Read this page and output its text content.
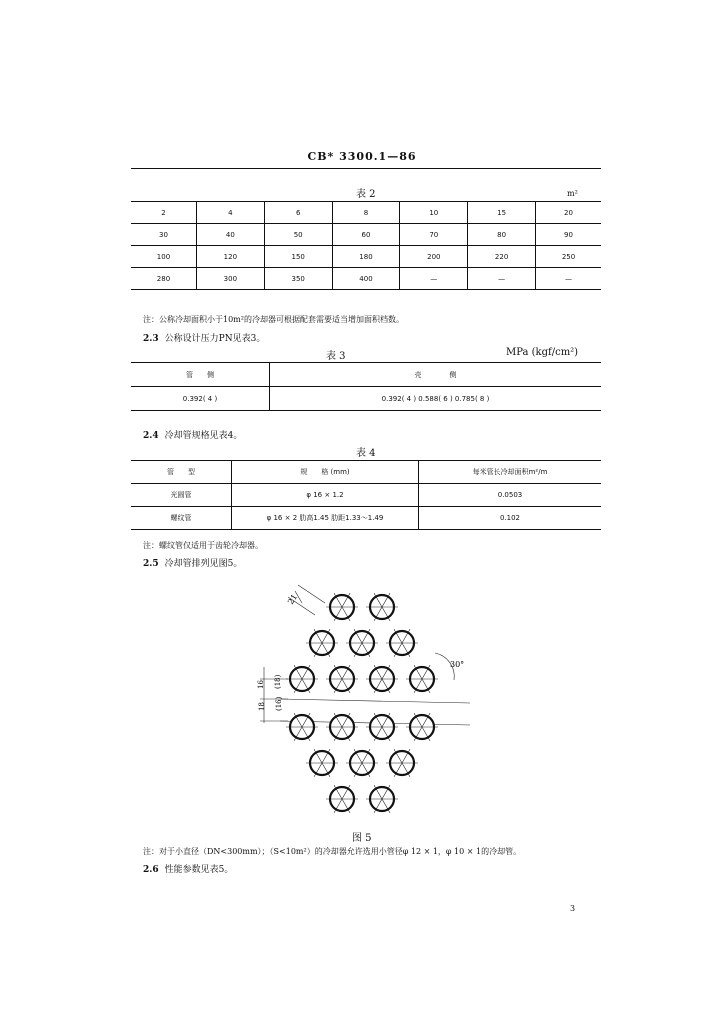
CB* 3300.1—86
表 2	m²
2	4	6	8	10	15	20
30	40	50	60	70	80	90
100	120	150	180	200	220	250
280	300	350	400	—	—	—
注：公称冷却面积小于10m²的冷却器可根据配套需要适当增加面积档数。
2.3 公称设计压力PN见表3。
表 3	MPa (kgf/cm²)
管　　侧	壳　　　　侧
0.392( 4 )	0.392( 4 ) 0.588( 6 ) 0.785( 8 )
2.4 冷却管规格见表4。
表 4
管　　型	规　　格 (mm)	每米管长冷却面积m²/m
光圆管	φ 16 × 1.2	0.0503
螺纹管	φ 16 × 2 肋高1.45 肋距1.33～1.49	0.102
注：螺纹管仅适用于齿轮冷却器。
2.5 冷却管排列见图5。
21
30°
16 (18)
18 (16)
图 5
注：对于小直径（DN<300mm）；（S<10m²）的冷却器允许选用小管径φ 12 × 1，φ 10 × 1的冷却管。
2.6 性能参数见表5。
3
